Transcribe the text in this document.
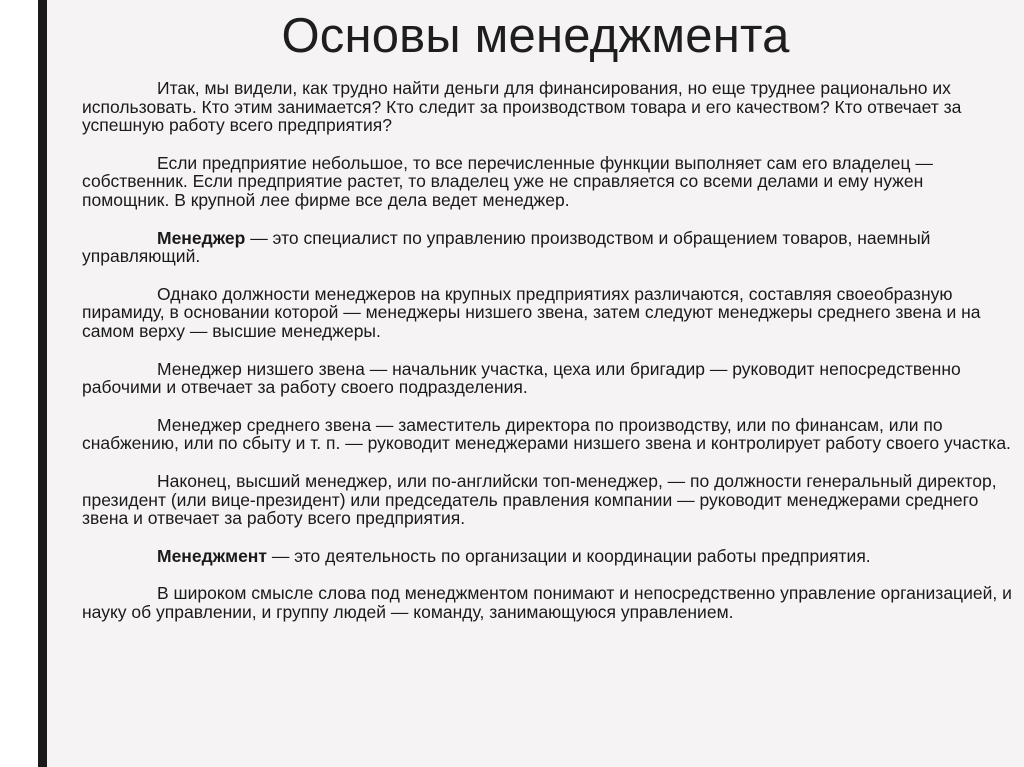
Основы менеджмента

Итак, мы видели, как трудно найти деньги для финансирования, но еще труднее рационально их использовать. Кто этим занимается? Кто следит за производством товара и его качеством? Кто отвечает за успешную работу всего предприятия?

Если предприятие небольшое, то все перечисленные функции выполняет сам его владелец — собственник. Если предприятие растет, то владелец уже не справляется со всеми делами и ему нужен помощник. В крупной лее фирме все дела ведет менеджер.

Менеджер — это специалист по управлению производством и обращением товаров, наемный управляющий.

Однако должности менеджеров на крупных предприятиях различаются, составляя своеобразную пирамиду, в основании которой — менеджеры низшего звена, затем следуют менеджеры среднего звена и на самом верху — высшие менеджеры.

Менеджер низшего звена — начальник участка, цеха или бригадир — руководит непосредственно рабочими и отвечает за работу своего подразделения.

Менеджер среднего звена — заместитель директора по производству, или по финансам, или по снабжению, или по сбыту и т. п. — руководит менеджерами низшего звена и контролирует работу своего участка.

Наконец, высший менеджер, или по-английски топ-менеджер, — по должности генеральный директор, президент (или вице-президент) или председатель правления компании — руководит менеджерами среднего звена и отвечает за работу всего предприятия.

Менеджмент — это деятельность по организации и координации работы предприятия.

В широком смысле слова под менеджментом понимают и непосредственно управление организацией, и науку об управлении, и группу людей — команду, занимающуюся управлением.
